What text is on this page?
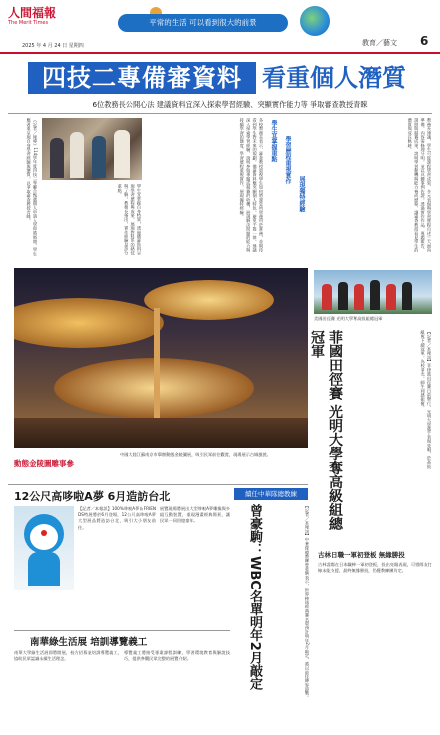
人間福報
The Merit Times
2025 年 4 月 24 日 星期四
平常的生活 可以看到很大的前景
教育／藝文 6
四技二專備審資料 看重個人潛質
6位教務長公開心法 建議資料宜深入探索學習經驗、突顯實作能力等 爭取審查教授青睞
《記者／報導》114學年度四技二專聯合甄選個人申請入學即將展開。學生應著重呈現自身學習經驗與潛質，以爭取審查教授青睞。	學生宜掌握自身特質，透過備審資料呈現學習歷程與成果，展現對科系的熱忱與了解。教務長指出，實作經驗是評分重點。	各校教務長表示，審查教授重視學生如何將課堂所學運用於實務，並期待看到學生對未來的規劃。備審資料應突顯個人特色，避免千篇一律，建議深入探索學習經驗、說明參與專題或競賽的收穫，展現解決問題的能力與持續學習的態度。學習歷程重視實作，展現獨特經驗。	學生宜掌握重點	學習歷程重視實作
展現獨特經驗	教務長建議，學生可從課程學習成果、多元表現與學習歷程自述三大面向準備，內容需條理分明，並以具體事例佐證。透過實作作品、專題報告、證照與競賽成果，說明學習動機與能力養成歷程，讓審查教授看見學生的潛質與成長軌跡。
動態金陵圖雕事參
中國大陸江蘇南京市舉辦動態金陵圖展，吸引民眾前往觀賞，現場展示古城風貌。
美國田徑賽 光明大學奪高級組總冠軍
菲國田徑賽 光明大學奪高級組總冠軍	【記者／本報訊】菲律賓田徑賽日前舉行，光明大學選手表現亮眼，於高級組奪下總冠軍，為校爭光，師生同感振奮。
古林日職一軍初登板 無緣勝投
古林睿煬在日本職棒一軍初登板，投出亮眼表現，可惜隊友打線未能支援，最終無緣勝投，仍獲教練團肯定。
12公尺高哆啦A夢 6月造訪台北
【記者／本報訊】100%哆啦A夢＆FRIENDS特展將於6月登場，12公尺高哆啦A夢大型展品將造訪台北，吸引大小朋友前往。
展覽現場將展出大型哆啦A夢雕像與多組互動裝置，重現漫畫經典場景，讓民眾一同回憶童年。
南華綠生活展 培訓導覽義工
南華大學綠生活展即將開展，校方招募並培訓導覽義工，協助民眾認識永續生活理念。
導覽義工將接受專業課程訓練，學習環境教育與解說技巧，提供參觀民眾完整的展覽介紹。
續任中華隊總教練
曾豪駒：WBC名單明年2月敲定	【記者／本報訊】中華隊總教練曾豪駒表示，世界棒球經典賽名單預計明年2月敲定，將以最佳陣容迎戰。
